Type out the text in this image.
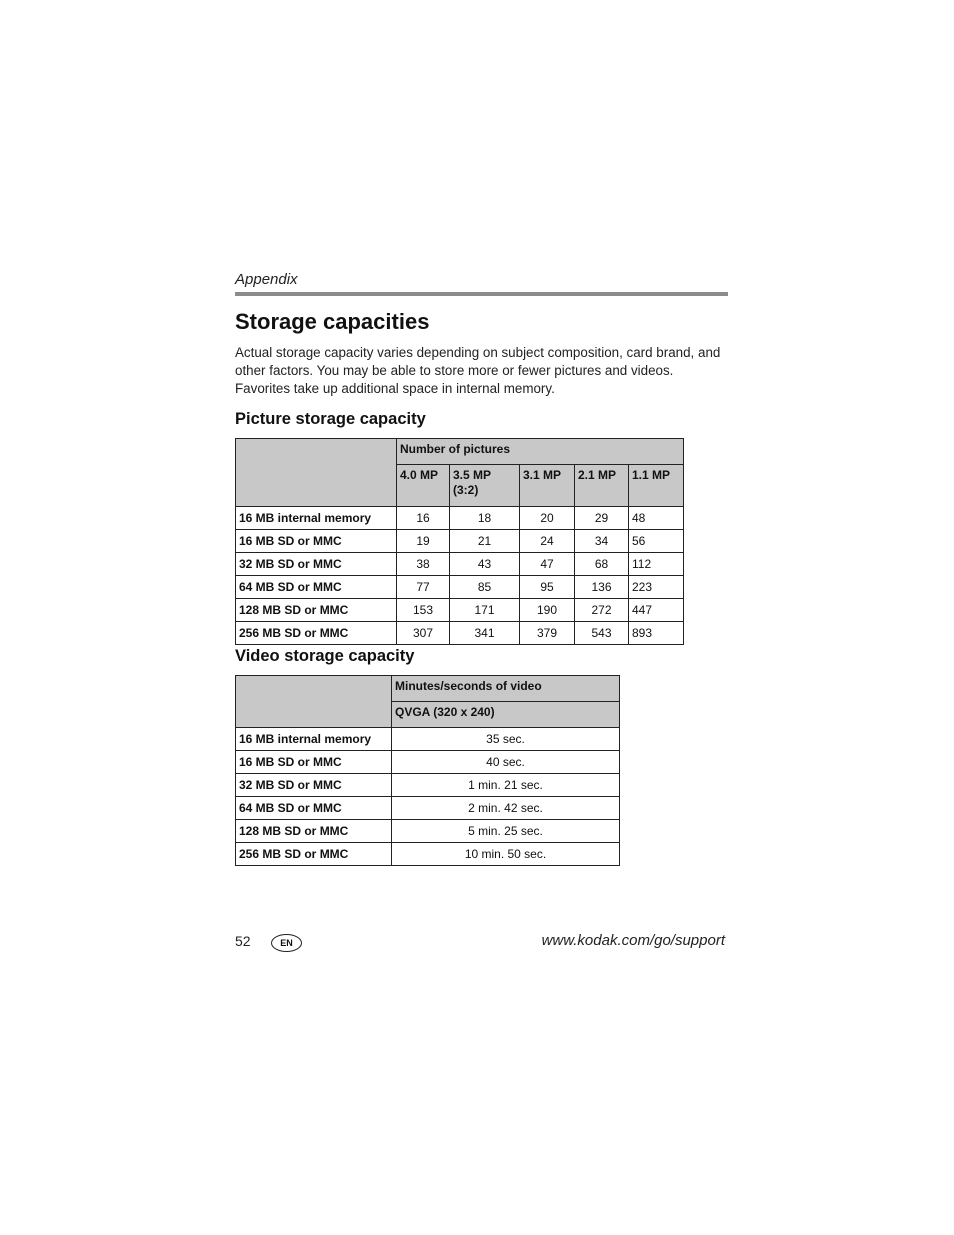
Appendix
Storage capacities

Actual storage capacity varies depending on subject composition, card brand, and other factors. You may be able to store more or fewer pictures and videos. Favorites take up additional space in internal memory.

Picture storage capacity
	Number of pictures				
	4.0 MP	3.5 MP (3:2)	3.1 MP	2.1 MP	1.1 MP
16 MB internal memory	16	18	20	29	48
16 MB SD or MMC	19	21	24	34	56
32 MB SD or MMC	38	43	47	68	112
64 MB SD or MMC	77	85	95	136	223
128 MB SD or MMC	153	171	190	272	447
256 MB SD or MMC	307	341	379	543	893
Video storage capacity
	Minutes/seconds of video
	QVGA (320 x 240)
16 MB internal memory	35 sec.
16 MB SD or MMC	40 sec.
32 MB SD or MMC	1 min. 21 sec.
64 MB SD or MMC	2 min. 42 sec.
128 MB SD or MMC	5 min. 25 sec.
256 MB SD or MMC	10 min. 50 sec.
52	EN	www.kodak.com/go/support
